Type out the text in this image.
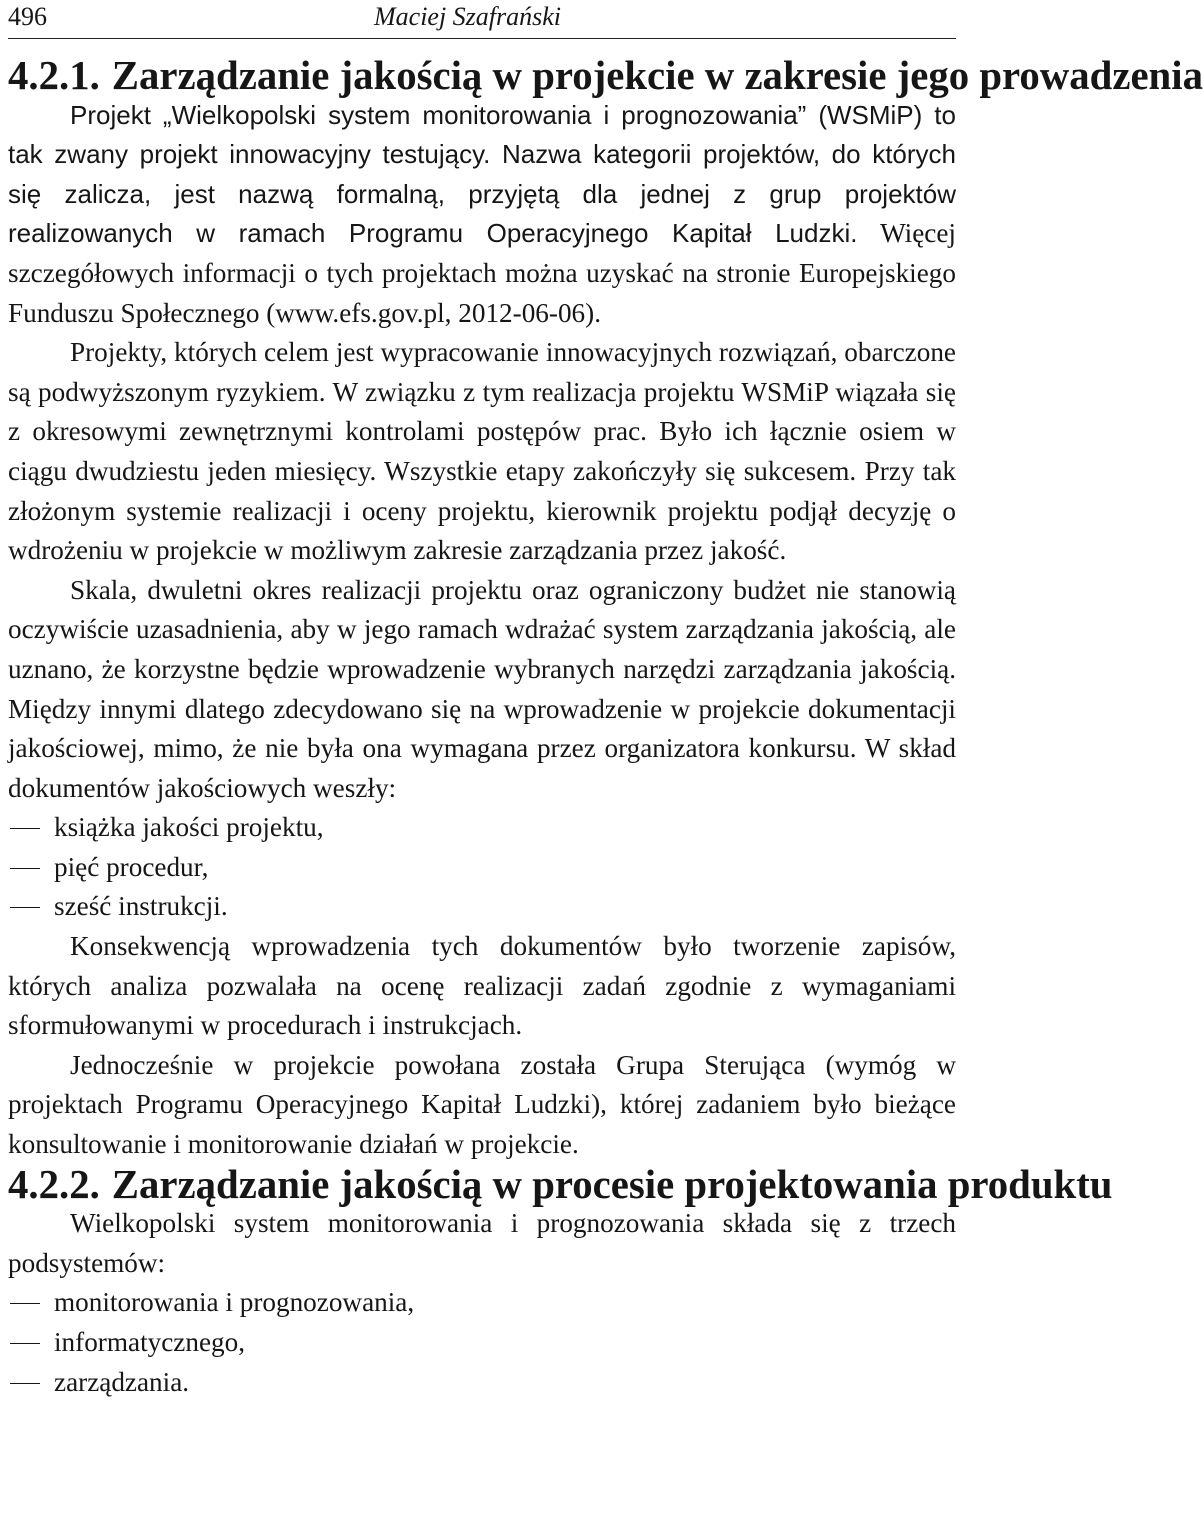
496	Maciej Szafrański
4.2.1. Zarządzanie jakością w projekcie w zakresie jego prowadzenia

Projekt „Wielkopolski system monitorowania i prognozowania” (WSMiP) to tak zwany projekt innowacyjny testujący. Nazwa kategorii projektów, do których się zalicza, jest nazwą formalną, przyjętą dla jednej z grup projektów realizowanych w ramach Programu Operacyjnego Kapitał Ludzki. Więcej szczegółowych informacji o tych projektach można uzyskać na stronie Europejskiego Funduszu Społecznego (www.efs.gov.pl, 2012-06-06).

Projekty, których celem jest wypracowanie innowacyjnych rozwiązań, obarczone są podwyższonym ryzykiem. W związku z tym realizacja projektu WSMiP wiązała się z okresowymi zewnętrznymi kontrolami postępów prac. Było ich łącznie osiem w ciągu dwudziestu jeden miesięcy. Wszystkie etapy zakończyły się sukcesem. Przy tak złożonym systemie realizacji i oceny projektu, kierownik projektu podjął decyzję o wdrożeniu w projekcie w możliwym zakresie zarządzania przez jakość.

Skala, dwuletni okres realizacji projektu oraz ograniczony budżet nie stanowią oczywiście uzasadnienia, aby w jego ramach wdrażać system zarządzania jakością, ale uznano, że korzystne będzie wprowadzenie wybranych narzędzi zarządzania jakością. Między innymi dlatego zdecydowano się na wprowadzenie w projekcie dokumentacji jakościowej, mimo, że nie była ona wymagana przez organizatora konkursu. W skład dokumentów jakościowych weszły:

książka jakości projektu,
pięć procedur,
sześć instrukcji.

Konsekwencją wprowadzenia tych dokumentów było tworzenie zapisów, których analiza pozwalała na ocenę realizacji zadań zgodnie z wymaganiami sformułowanymi w procedurach i instrukcjach.

Jednocześnie w projekcie powołana została Grupa Sterująca (wymóg w projektach Programu Operacyjnego Kapitał Ludzki), której zadaniem było bieżące konsultowanie i monitorowanie działań w projekcie.

4.2.2. Zarządzanie jakością w procesie projektowania produktu

Wielkopolski system monitorowania i prognozowania składa się z trzech podsystemów:

monitorowania i prognozowania,
informatycznego,
zarządzania.
